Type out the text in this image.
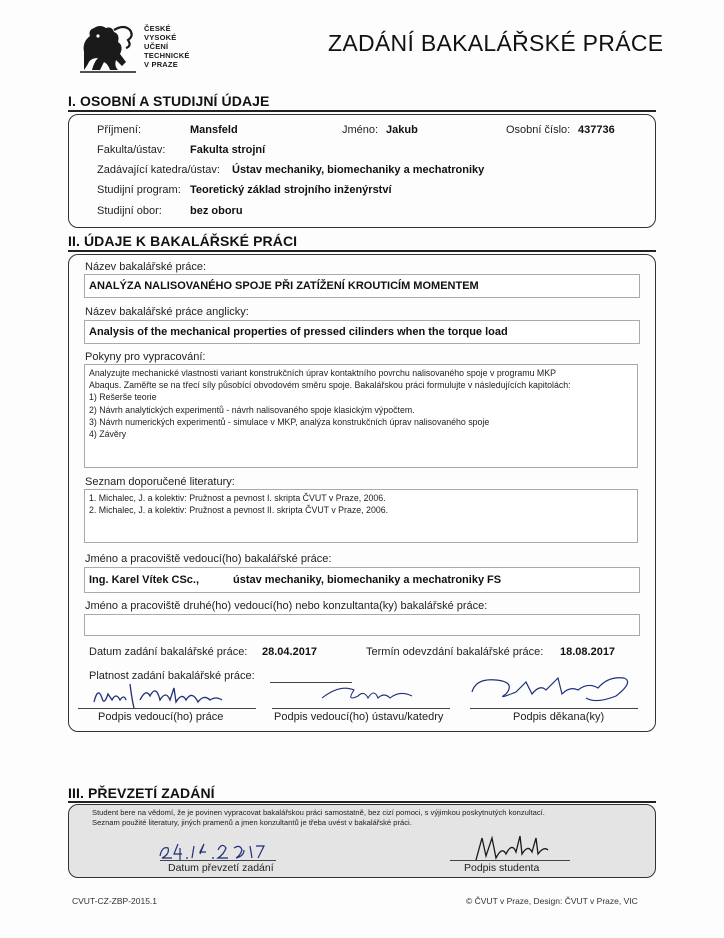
ČESKÉ
VYSOKÉ
UČENÍ
TECHNICKÉ
V PRAZE
ZADÁNÍ BAKALÁŘSKÉ PRÁCE
I. OSOBNÍ A STUDIJNÍ ÚDAJE
Příjmení:	Mansfeld	Jméno: Jakub	Osobní číslo: 437736
Fakulta/ústav: Fakulta strojní
Zadávající katedra/ústav: Ústav mechaniky, biomechaniky a mechatroniky
Studijní program: Teoretický základ strojního inženýrství
Studijní obor:	bez oboru
II. ÚDAJE K BAKALÁŘSKÉ PRÁCI
Název bakalářské práce:
ANALÝZA NALISOVANÉHO SPOJE PŘI ZATÍŽENÍ KROUTICÍM MOMENTEM
Název bakalářské práce anglicky:
Analysis of the mechanical properties of pressed cilinders when the torque load
Pokyny pro vypracování:
Analyzujte mechanické vlastnosti variant konstrukčních úprav kontaktního povrchu nalisovaného spoje v programu MKP
Abaqus. Zaměřte se na třecí síly působící obvodovém směru spoje. Bakalářskou práci formulujte v následujících kapitolách:
1) Rešerše teorie
2) Návrh analytických experimentů - návrh nalisovaného spoje klasickým výpočtem.
3) Návrh numerických experimentů - simulace v MKP, analýza konstrukčních úprav nalisovaného spoje
4) Závěry
Seznam doporučené literatury:
1. Michalec, J. a kolektiv: Pružnost a pevnost I. skripta ČVUT v Praze, 2006.
2. Michalec, J. a kolektiv: Pružnost a pevnost II. skripta ČVUT v Praze, 2006.
Jméno a pracoviště vedoucí(ho) bakalářské práce:
Ing. Karel Vítek CSc.,	ústav mechaniky, biomechaniky a mechatroniky FS
Jméno a pracoviště druhé(ho) vedoucí(ho) nebo konzultanta(ky) bakalářské práce:
Datum zadání bakalářské práce: 28.04.2017	Termín odevzdání bakalářské práce: 18.08.2017
Platnost zadání bakalářské práce:
Podpis vedoucí(ho) práce	Podpis vedoucí(ho) ústavu/katedry	Podpis děkana(ky)
III. PŘEVZETÍ ZADÁNÍ
Student bere na vědomí, že je povinen vypracovat bakalářskou práci samostatně, bez cizí pomoci, s výjimkou poskytnutých konzultací.
Seznam použité literatury, jiných pramenů a jmen konzultantů je třeba uvést v bakalářské práci.
Datum převzetí zadání	Podpis studenta
CVUT-CZ-ZBP-2015.1	© ČVUT v Praze, Design: ČVUT v Praze, VIC
